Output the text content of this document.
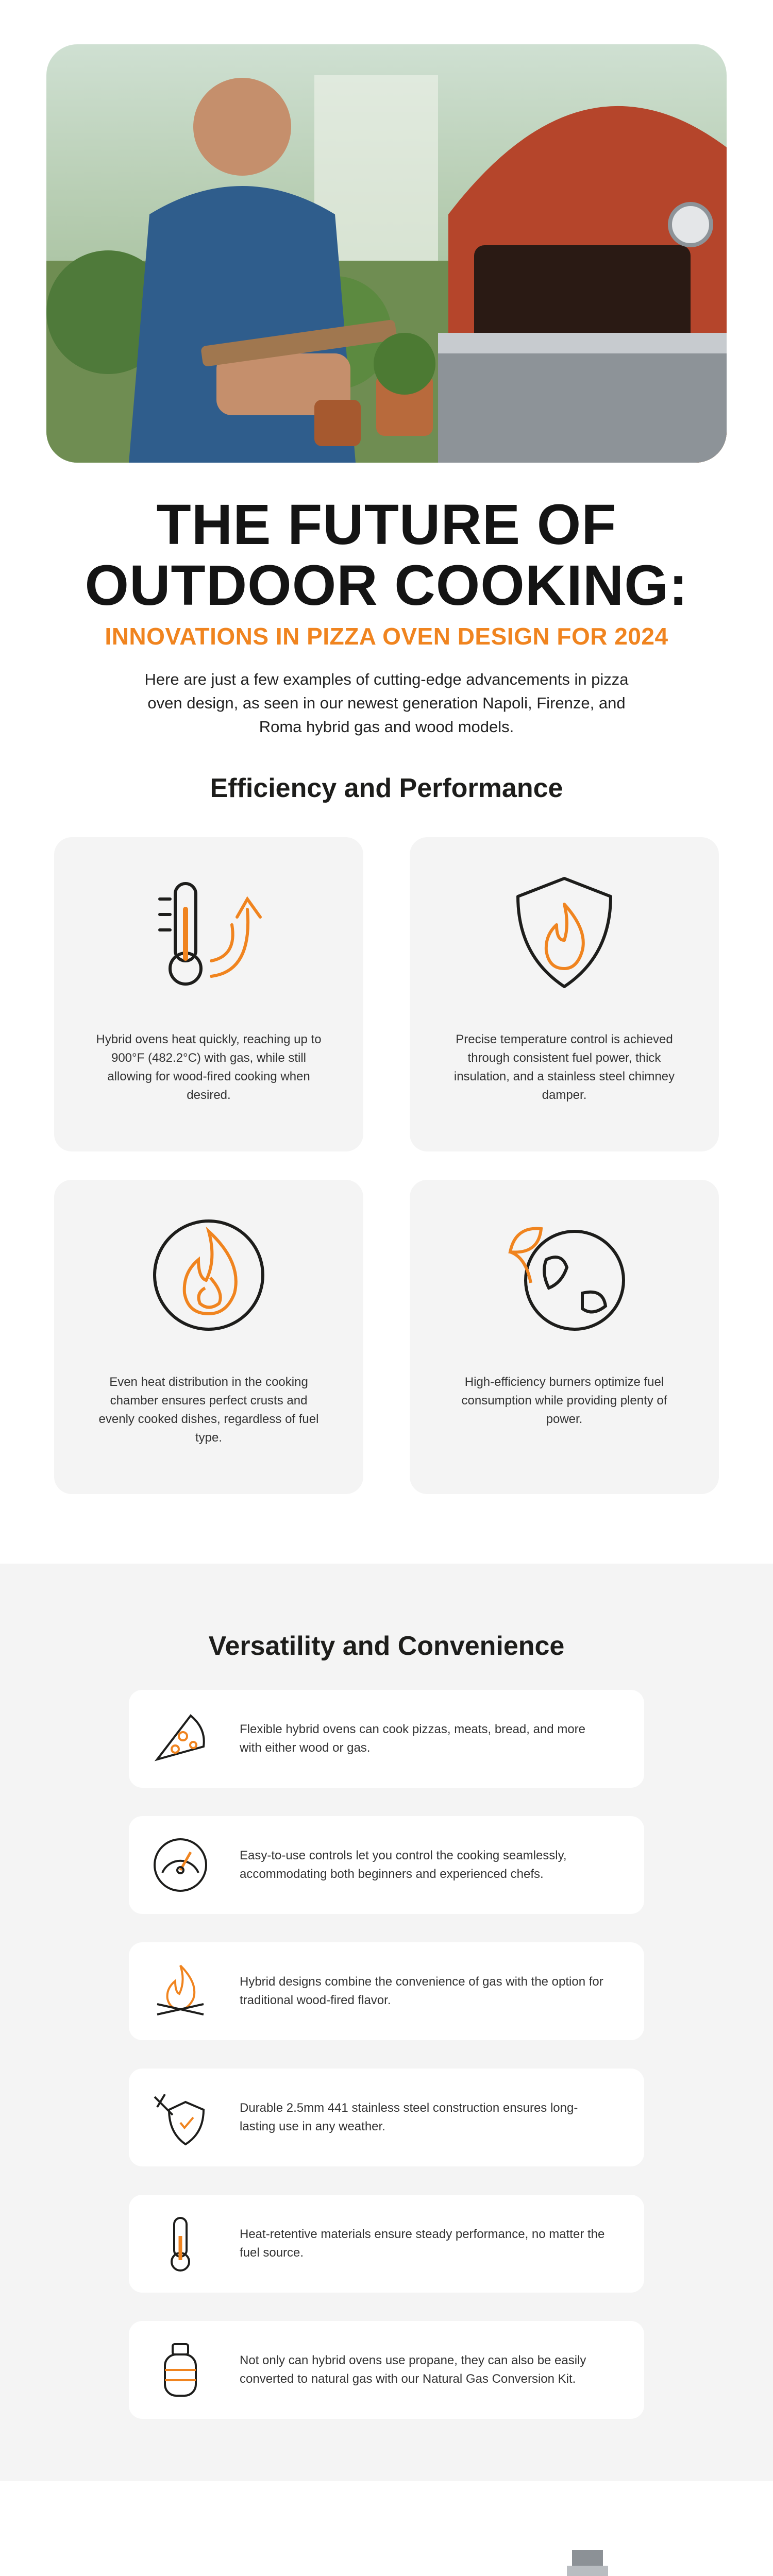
THE FUTURE OF
OUTDOOR COOKING:
INNOVATIONS IN PIZZA OVEN DESIGN FOR 2024
Here are just a few examples of cutting-edge advancements in pizza oven design, as seen in our newest generation Napoli, Firenze, and Roma hybrid gas and wood models.
Efficiency and Performance
Hybrid ovens heat quickly, reaching up to 900°F (482.2°C) with gas, while still allowing for wood-fired cooking when desired.
Precise temperature control is achieved through consistent fuel power, thick insulation, and a stainless steel chimney damper.
Even heat distribution in the cooking chamber ensures perfect crusts and evenly cooked dishes, regardless of fuel type.
High-efficiency burners optimize fuel consumption while providing plenty of power.
Versatility and Convenience
Flexible hybrid ovens can cook pizzas, meats, bread, and more with either wood or gas.
Easy-to-use controls let you control the cooking seamlessly, accommodating both beginners and experienced chefs.
Hybrid designs combine the convenience of gas with the option for traditional wood-fired flavor.
Durable 2.5mm 441 stainless steel construction ensures long-lasting use in any weather.
Heat-retentive materials ensure steady performance, no matter the fuel source.
Not only can hybrid ovens use propane, they can also be easily converted to natural gas with our Natural Gas Conversion Kit.
